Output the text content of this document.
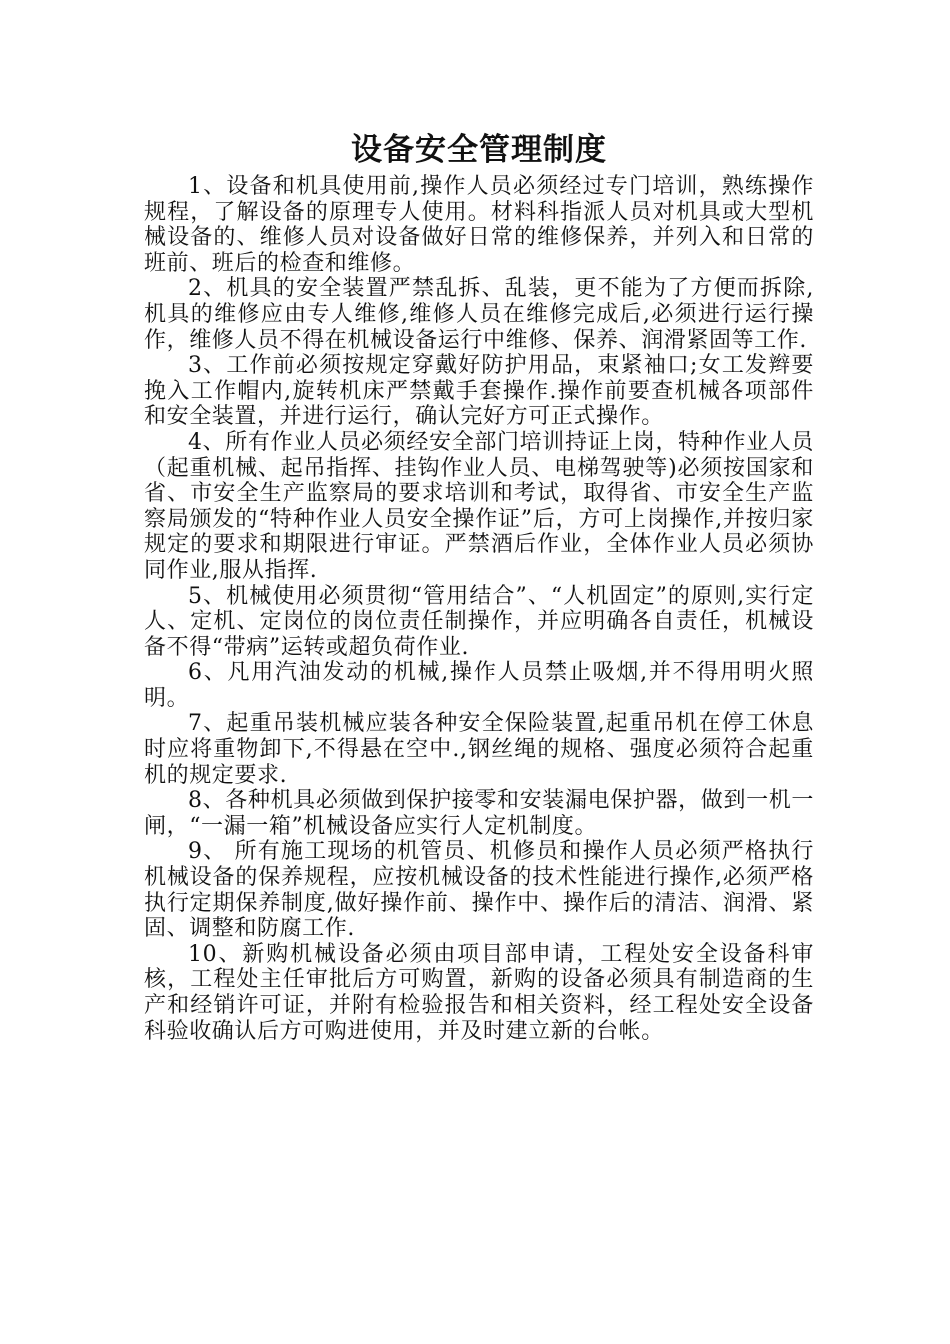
设备安全管理制度

1、设备和机具使用前,操作人员必须经过专门培训，熟练操作规程，了解设备的原理专人使用。材料科指派人员对机具或大型机械设备的、维修人员对设备做好日常的维修保养，并列入和日常的班前、班后的检查和维修。

2、机具的安全装置严禁乱拆、乱装，更不能为了方便而拆除,机具的维修应由专人维修,维修人员在维修完成后,必须进行运行操作，维修人员不得在机械设备运行中维修、保养、润滑紧固等工作.

3、工作前必须按规定穿戴好防护用品，束紧袖口;女工发辫要挽入工作帽内,旋转机床严禁戴手套操作.操作前要查机械各项部件和安全装置，并进行运行，确认完好方可正式操作。

4、所有作业人员必须经安全部门培训持证上岗，特种作业人员（起重机械、起吊指挥、挂钩作业人员、电梯驾驶等)必须按国家和省、市安全生产监察局的要求培训和考试，取得省、市安全生产监察局颁发的“特种作业人员安全操作证”后，方可上岗操作,并按归家规定的要求和期限进行审证。严禁酒后作业，全体作业人员必须协同作业,服从指挥.

5、机械使用必须贯彻“管用结合”、“人机固定”的原则,实行定人、定机、定岗位的岗位责任制操作，并应明确各自责任，机械设备不得“带病”运转或超负荷作业.

6、凡用汽油发动的机械,操作人员禁止吸烟,并不得用明火照明。

7、起重吊装机械应装各种安全保险装置,起重吊机在停工休息时应将重物卸下,不得悬在空中.,钢丝绳的规格、强度必须符合起重机的规定要求.

8、各种机具必须做到保护接零和安装漏电保护器，做到一机一闸，“一漏一箱”机械设备应实行人定机制度。

9、 所有施工现场的机管员、机修员和操作人员必须严格执行机械设备的保养规程，应按机械设备的技术性能进行操作,必须严格执行定期保养制度,做好操作前、操作中、操作后的清洁、润滑、紧固、调整和防腐工作.

10、新购机械设备必须由项目部申请，工程处安全设备科审核，工程处主任审批后方可购置，新购的设备必须具有制造商的生产和经销许可证，并附有检验报告和相关资料，经工程处安全设备科验收确认后方可购进使用，并及时建立新的台帐。
